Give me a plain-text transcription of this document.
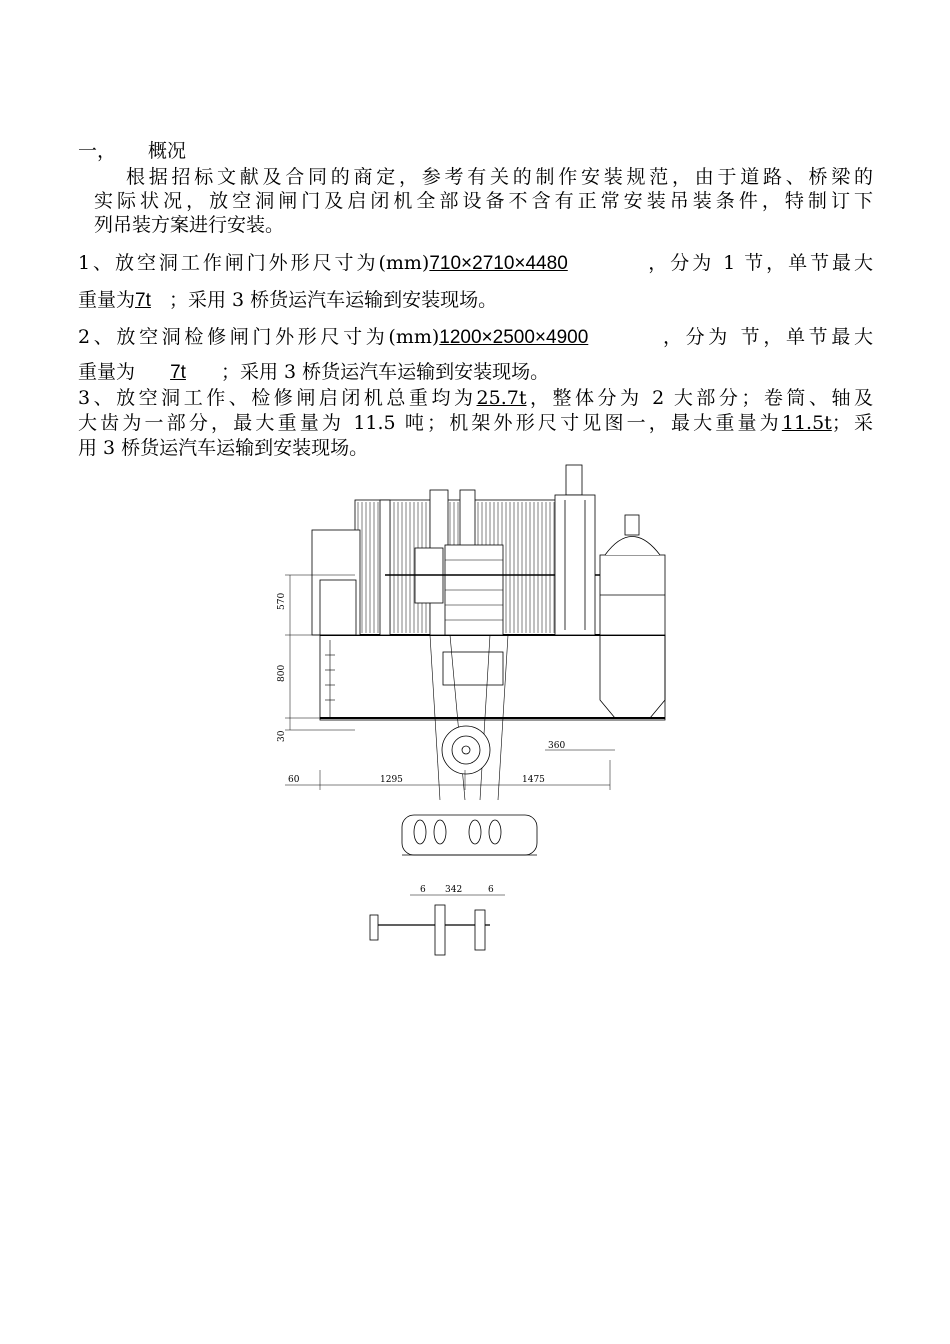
一， 概况
根据招标文献及合同的商定，参考有关的制作安装规范，由于道路、桥梁的
实际状况，放空洞闸门及启闭机全部设备不含有正常安装吊装条件，特制订下
列吊装方案进行安装。
1、放空洞工作闸门外形尺寸为(mm)710×2710×4480	，分为 1 节，单节最大
重量为7t ；采用 3 桥货运汽车运输到安装现场。
2、放空洞检修闸门外形尺寸为(mm)1200×2500×4900	，分为 节，单节最大
重量为 7t ；采用 3 桥货运汽车运输到安装现场。
3、放空洞工作、检修闸启闭机总重均为25.7t，整体分为 2 大部分；卷筒、轴及
大齿为一部分，最大重量为 11.5 吨；机架外形尺寸见图一，最大重量为11.5t；采
用 3 桥货运汽车运输到安装现场。
570
800
30
360
60	1295	1475
6 342	6
